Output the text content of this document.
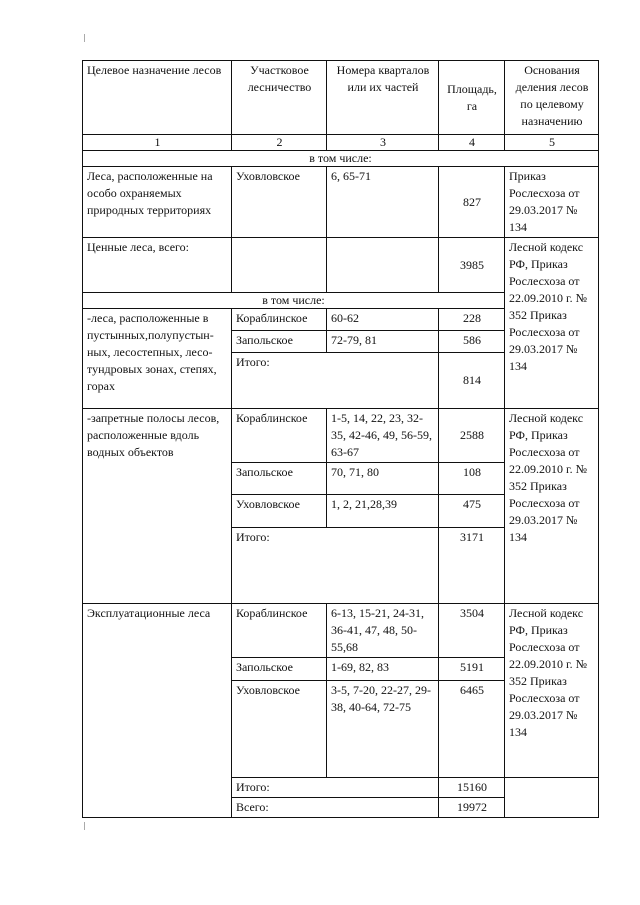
Целевое назначение лесов	Участковое лесничество	Номера кварталов или их частей	Площадь, га	Основания деления лесов по целевому назначению
1	2	3	4	5
в том числе:				
Леса, расположенные на особо охраняемых природных территориях	Уховловское	6, 65-71	827	Приказ Рослесхоза от 29.03.2017 № 134
Ценные леса, всего:			3985	Лесной кодекс РФ, Приказ Рослесхоза от 22.09.2010 г. № 352 Приказ Рослесхоза от 29.03.2017 № 134
в том числе:				
-леса, расположенные в пустынных,полупустын-ных, лесостепных, лесо-тундровых зонах, степях, горах	Кораблинское	60-62	228	
	Запольское	72-79, 81	586	
	Итого:		814	
-запретные полосы лесов, расположенные вдоль водных объектов	Кораблинское	1-5, 14, 22, 23, 32-35, 42-46, 49, 56-59, 63-67	2588	Лесной кодекс РФ, Приказ Рослесхоза от 22.09.2010 г. № 352 Приказ Рослесхоза от 29.03.2017 № 134
	Запольское	70, 71, 80	108	
	Уховловское	1, 2, 21,28,39	475	
	Итого:		3171	
Эксплуатационные леса	Кораблинское	6-13, 15-21, 24-31, 36-41, 47, 48, 50-55,68	3504	Лесной кодекс РФ, Приказ Рослесхоза от 22.09.2010 г. № 352 Приказ Рослесхоза от 29.03.2017 № 134
	Запольское	1-69, 82, 83	5191	
	Уховловское	3-5, 7-20, 22-27, 29-38, 40-64, 72-75	6465	
	Итого:		15160	
	Всего:		19972	
